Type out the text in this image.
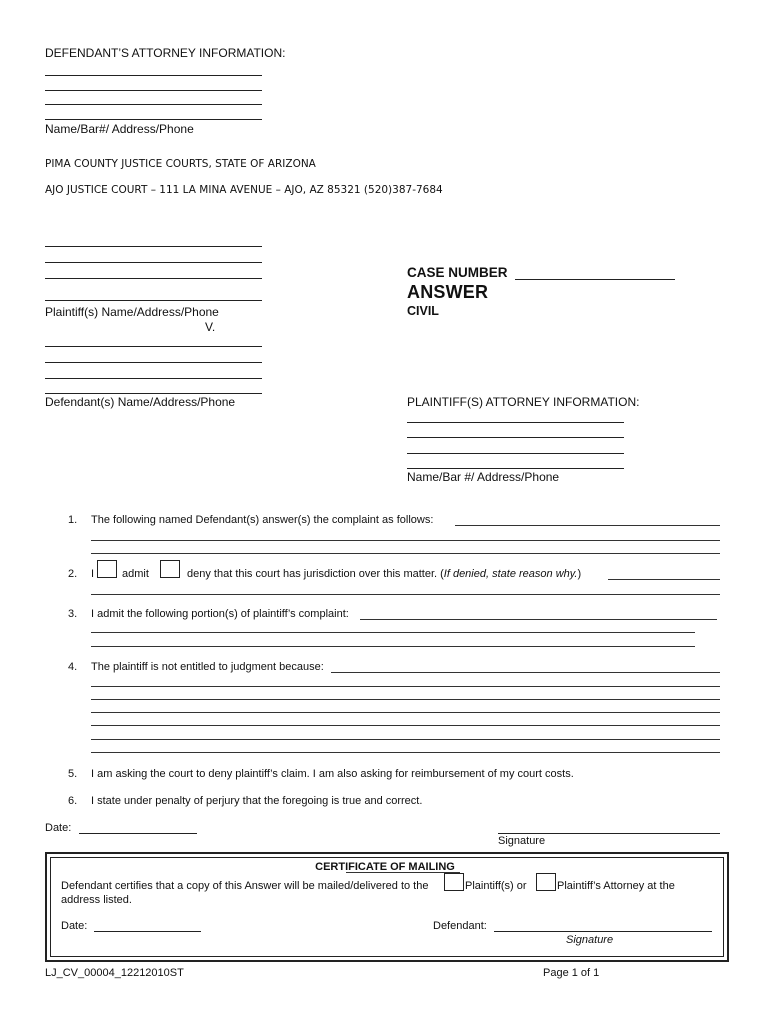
DEFENDANT’S ATTORNEY INFORMATION:
Name/Bar#/ Address/Phone
PIMA COUNTY JUSTICE COURTS, STATE OF ARIZONA
AJO JUSTICE COURT – 111 LA MINA AVENUE – AJO, AZ 85321 (520)387-7684
Plaintiff(s) Name/Address/Phone
V.
Defendant(s) Name/Address/Phone
CASE NUMBER
ANSWER
CIVIL
PLAINTIFF(S) ATTORNEY INFORMATION:
Name/Bar #/ Address/Phone
1. The following named Defendant(s) answer(s) the complaint as follows:
2. I	admit	deny that this court has jurisdiction over this matter. (If denied, state reason why.)
3. I admit the following portion(s) of plaintiff’s complaint:
4. The plaintiff is not entitled to judgment because:
5. I am asking the court to deny plaintiff’s claim. I am also asking for reimbursement of my court costs.
6. I state under penalty of perjury that the foregoing is true and correct.
Date:
Signature
CERTIFICATE OF MAILING
Defendant certifies that a copy of this Answer will be mailed/delivered to the	Plaintiff(s) or	Plaintiff’s Attorney at the
address listed.
Date:	Defendant:
Signature
LJ_CV_00004_12212010ST	Page 1 of 1
